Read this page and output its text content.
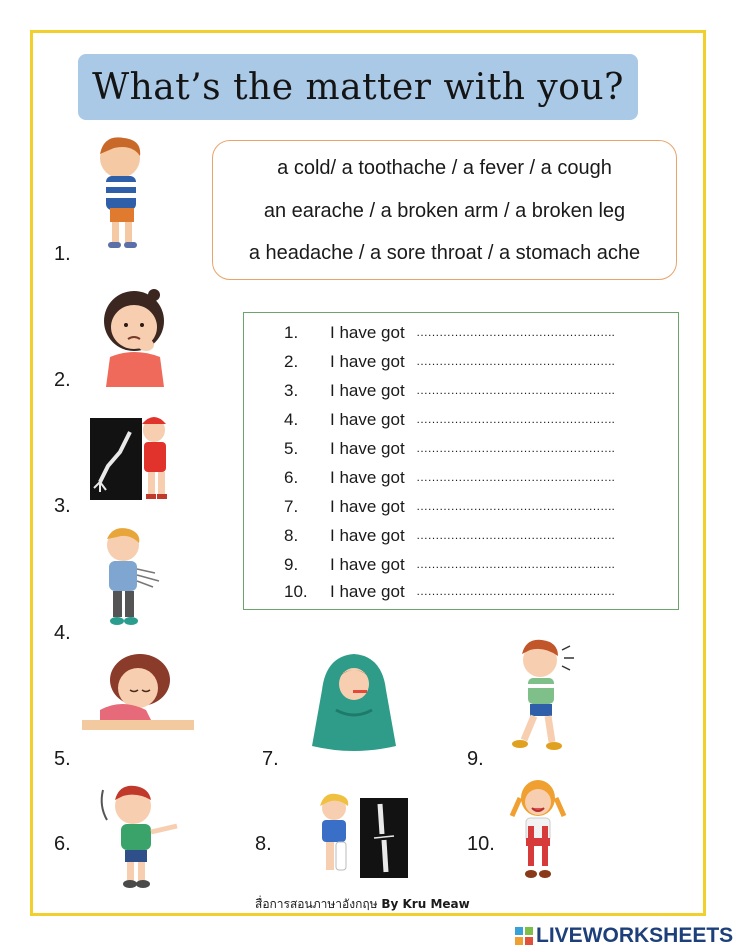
What’s the matter with you?
a cold/ a toothache / a fever / a cough
an earache / a broken arm / a broken leg
a headache / a sore throat / a stomach ache
1.	I have got …………………………………………….
2.	I have got …………………………………………….
3.	I have got …………………………………………….
4.	I have got …………………………………………….
5.	I have got …………………………………………….
6.	I have got …………………………………………….
7.	I have got …………………………………………….
8.	I have got …………………………………………….
9.	I have got …………………………………………….
10.	I have got …………………………………………….
1.
2.
3.
4.
5.
6.
7.
8.
9.
10.
สื่อการสอนภาษาอังกฤษ By Kru Meaw
LIVEWORKSHEETS
